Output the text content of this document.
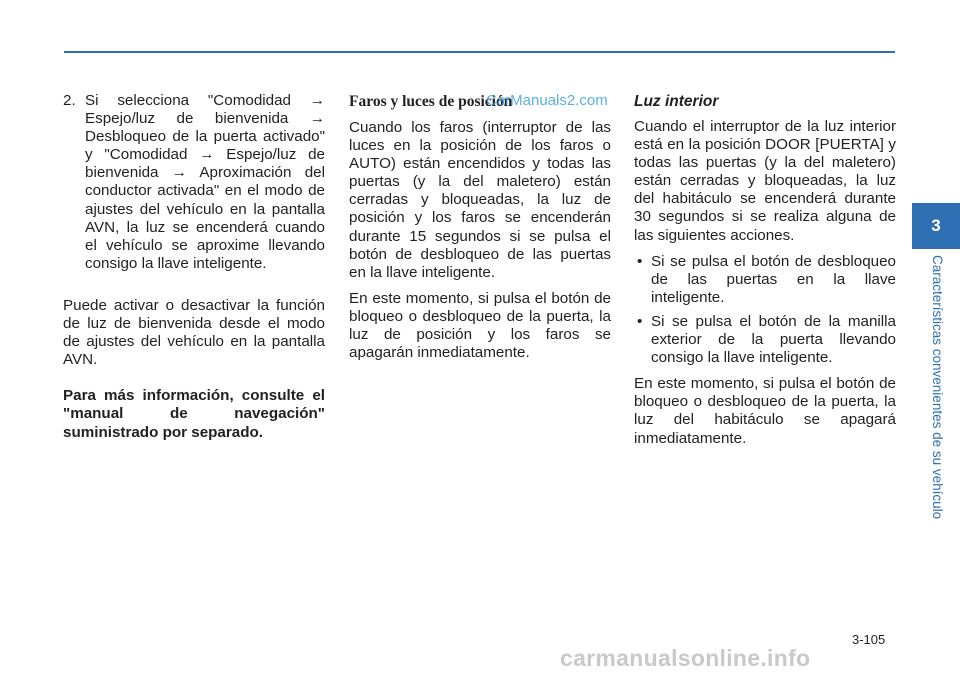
2. Si selecciona "Comodidad → Espejo/luz de bienvenida → Desbloqueo de la puerta activado" y "Comodidad → Espejo/luz de bienvenida → Aproximación del conductor activada" en el modo de ajustes del vehículo en la pantalla AVN, la luz se encenderá cuando el vehículo se aproxime llevando consigo la llave inteligente.

Puede activar o desactivar la función de luz de bienvenida desde el modo de ajustes del vehículo en la pantalla AVN.

Para más información, consulte el "manual de navegación" suministrado por separado.

Faros y luces de posición
CarManuals2.com

Cuando los faros (interruptor de las luces en la posición de los faros o AUTO) están encendidos y todas las puertas (y la del maletero) están cerradas y bloqueadas, la luz de posición y los faros se encenderán durante 15 segundos si se pulsa el botón de desbloqueo de las puertas en la llave inteligente.

En este momento, si pulsa el botón de bloqueo o desbloqueo de la puerta, la luz de posición y los faros se apagarán inmediatamente.

Luz interior

Cuando el interruptor de la luz interior está en la posición DOOR [PUERTA] y todas las puertas (y la del maletero) están cerradas y bloqueadas, la luz del habitáculo se encenderá durante 30 segundos si se realiza alguna de las siguientes acciones.

• Si se pulsa el botón de desbloqueo de las puertas en la llave inteligente.
• Si se pulsa el botón de la manilla exterior de la puerta llevando consigo la llave inteligente.

En este momento, si pulsa el botón de bloqueo o desbloqueo de la puerta, la luz del habitáculo se apagará inmediatamente.

3
Características convenientes de su vehículo
3-105
carmanualsonline.info
